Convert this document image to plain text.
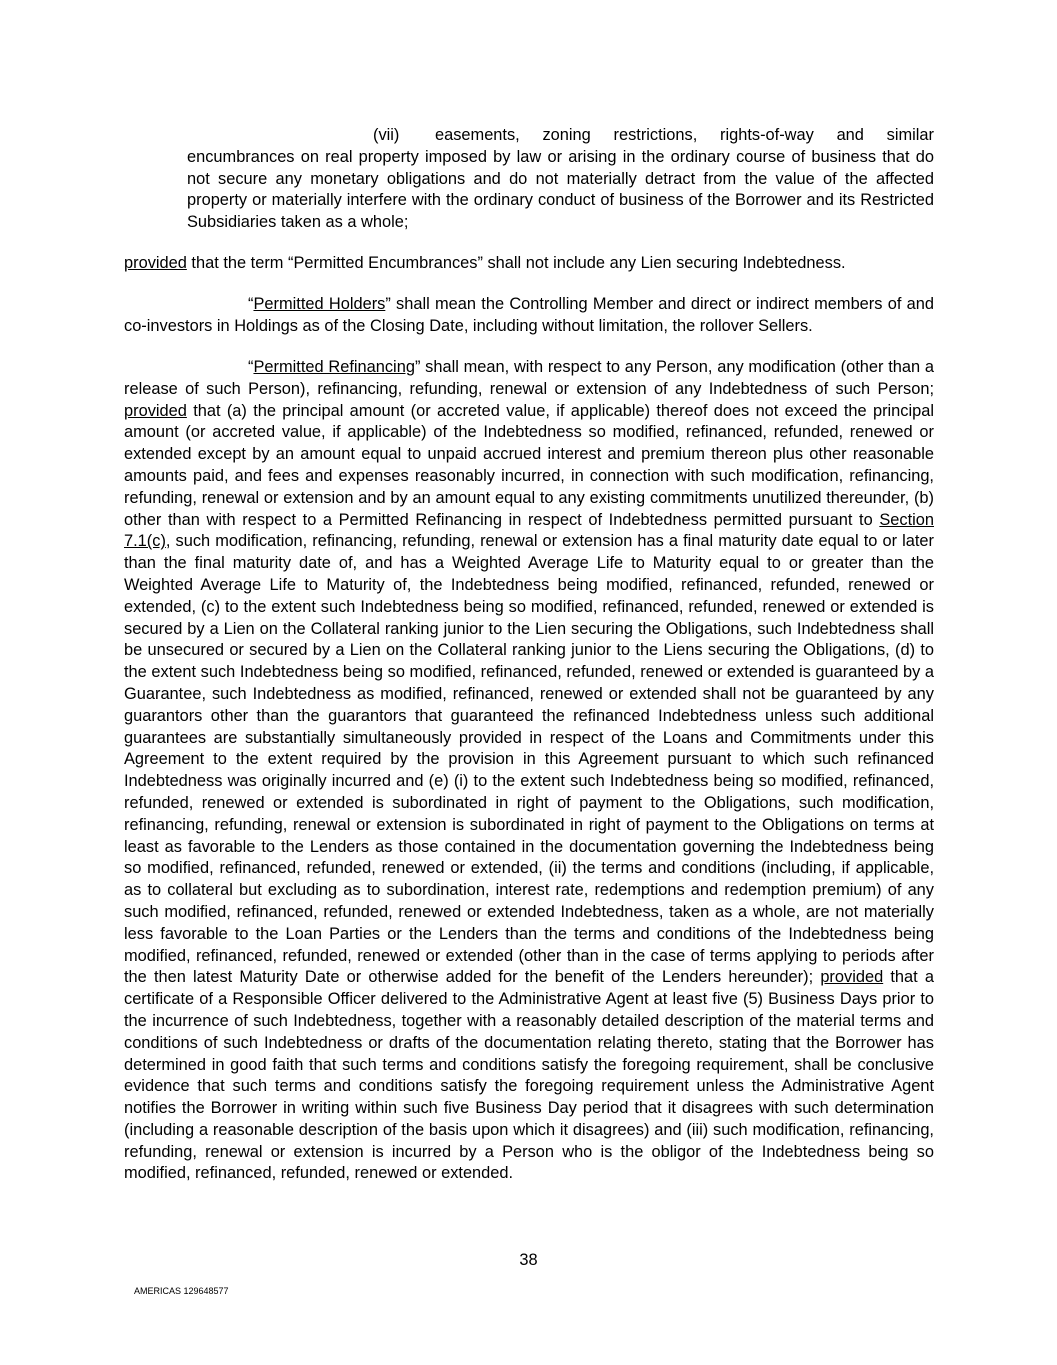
(vii) easements, zoning restrictions, rights-of-way and similar encumbrances on real property imposed by law or arising in the ordinary course of business that do not secure any monetary obligations and do not materially detract from the value of the affected property or materially interfere with the ordinary conduct of business of the Borrower and its Restricted Subsidiaries taken as a whole;

provided that the term “Permitted Encumbrances” shall not include any Lien securing Indebtedness.

“Permitted Holders” shall mean the Controlling Member and direct or indirect members of and co-investors in Holdings as of the Closing Date, including without limitation, the rollover Sellers.

“Permitted Refinancing” shall mean, with respect to any Person, any modification (other than a release of such Person), refinancing, refunding, renewal or extension of any Indebtedness of such Person; provided that (a) the principal amount (or accreted value, if applicable) thereof does not exceed the principal amount (or accreted value, if applicable) of the Indebtedness so modified, refinanced, refunded, renewed or extended except by an amount equal to unpaid accrued interest and premium thereon plus other reasonable amounts paid, and fees and expenses reasonably incurred, in connection with such modification, refinancing, refunding, renewal or extension and by an amount equal to any existing commitments unutilized thereunder, (b) other than with respect to a Permitted Refinancing in respect of Indebtedness permitted pursuant to Section 7.1(c), such modification, refinancing, refunding, renewal or extension has a final maturity date equal to or later than the final maturity date of, and has a Weighted Average Life to Maturity equal to or greater than the Weighted Average Life to Maturity of, the Indebtedness being modified, refinanced, refunded, renewed or extended, (c) to the extent such Indebtedness being so modified, refinanced, refunded, renewed or extended is secured by a Lien on the Collateral ranking junior to the Lien securing the Obligations, such Indebtedness shall be unsecured or secured by a Lien on the Collateral ranking junior to the Liens securing the Obligations, (d) to the extent such Indebtedness being so modified, refinanced, refunded, renewed or extended is guaranteed by a Guarantee, such Indebtedness as modified, refinanced, renewed or extended shall not be guaranteed by any guarantors other than the guarantors that guaranteed the refinanced Indebtedness unless such additional guarantees are substantially simultaneously provided in respect of the Loans and Commitments under this Agreement to the extent required by the provision in this Agreement pursuant to which such refinanced Indebtedness was originally incurred and (e) (i) to the extent such Indebtedness being so modified, refinanced, refunded, renewed or extended is subordinated in right of payment to the Obligations, such modification, refinancing, refunding, renewal or extension is subordinated in right of payment to the Obligations on terms at least as favorable to the Lenders as those contained in the documentation governing the Indebtedness being so modified, refinanced, refunded, renewed or extended, (ii) the terms and conditions (including, if applicable, as to collateral but excluding as to subordination, interest rate, redemptions and redemption premium) of any such modified, refinanced, refunded, renewed or extended Indebtedness, taken as a whole, are not materially less favorable to the Loan Parties or the Lenders than the terms and conditions of the Indebtedness being modified, refinanced, refunded, renewed or extended (other than in the case of terms applying to periods after the then latest Maturity Date or otherwise added for the benefit of the Lenders hereunder); provided that a certificate of a Responsible Officer delivered to the Administrative Agent at least five (5) Business Days prior to the incurrence of such Indebtedness, together with a reasonably detailed description of the material terms and conditions of such Indebtedness or drafts of the documentation relating thereto, stating that the Borrower has determined in good faith that such terms and conditions satisfy the foregoing requirement, shall be conclusive evidence that such terms and conditions satisfy the foregoing requirement unless the Administrative Agent notifies the Borrower in writing within such five Business Day period that it disagrees with such determination (including a reasonable description of the basis upon which it disagrees) and (iii) such modification, refinancing, refunding, renewal or extension is incurred by a Person who is the obligor of the Indebtedness being so modified, refinanced, refunded, renewed or extended.

38
AMERICAS 129648577
